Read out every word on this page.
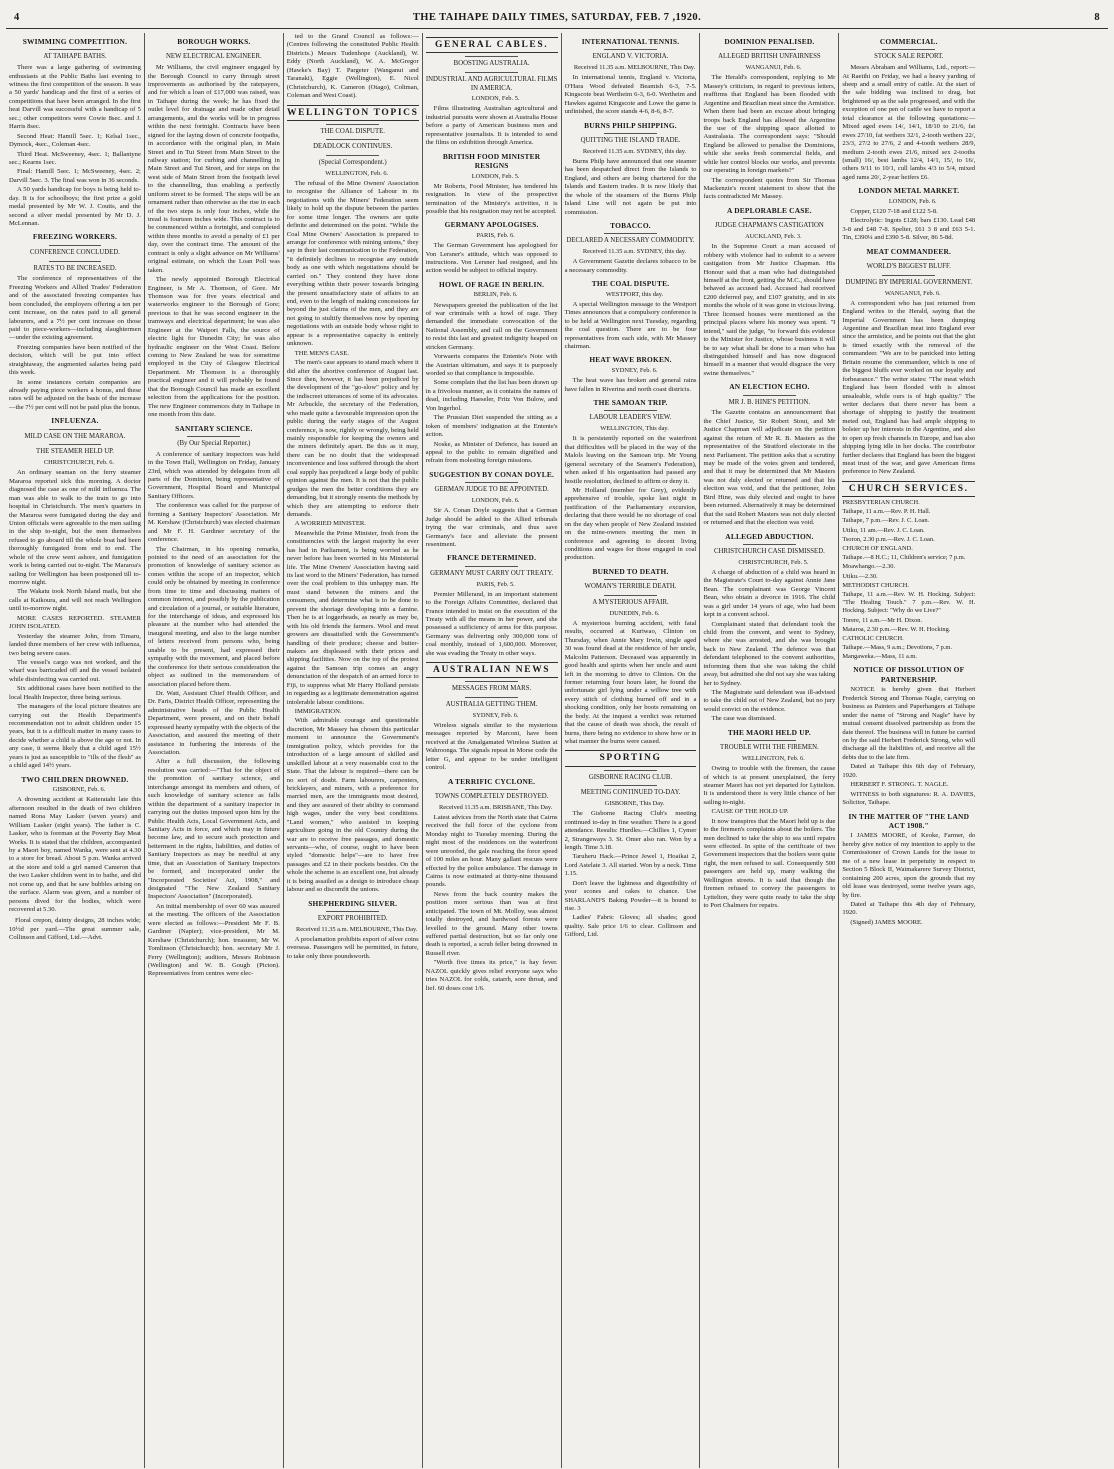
4	THE TAIHAPE DAILY TIMES, SATURDAY, FEB. 7 ,1920.	8
SWIMMING COMPETITION.
AT TAIHAPE BATHS.

There was a large gathering of swimming enthusiasts at the Public Baths last evening to witness the first competition of the season. It was a 50 yards' handicap and the first of a series of competitions that have been arranged. In the first heat Darvill was successful with a handicap of 5 sec.; other competitors were Cowie 8sec. and J. Harris 8sec.

Second Heat: Hamill 5sec. 1; Kelsal 1sec., Dymock, 4sec., Coleman 4sec.

Third Heat. McSweeney, 4sec. 1; Ballantyne sec.; Kearns 1sec.

Final: Hamill 5sec. 1; McSweeney, 4sec. 2; Darvill 5sec. 3. The final was won in 36 seconds.

A 50 yards handicap for boys is being held to-day. It is for schoolboys; the first prize a gold medal presented by Mr W. J. Coutts, and the second a silver medal presented by Mr D. J. McLennan.

FREEZING WORKERS.
CONFERENCE CONCLUDED.
RATES TO BE INCREASED.

The conference of representatives of the Freezing Workers and Allied Trades' Federation and of the associated freezing companies has been concluded, the employers offering a ten per cent increase, on the rates paid to all general labourers, and a 7½ per cent increase on those paid to piece-workers—including slaughtermen—under the existing agreement.

Freezing companies have been notified of the decision, which will be put into effect straightaway, the augmented salaries being paid this week.

In some instances certain companies are already paying piece workers a bonus, and these rates will be adjusted on the basis of the increase—the 7½ per cent will not be paid plus the bonus.

INFLUENZA.
MILD CASE ON THE MARAROA.
THE STEAMER HELD UP.
CHRISTCHURCH, Feb. 6.

An ordinary seaman on the ferry steamer Mararoa reported sick this morning. A doctor diagnosed the case as one of mild influenza. The man was able to walk to the train to go into hospital in Christchurch. The men's quarters in the Mararoa were fumigated during the day and Union officials were agreeable to the men sailing in the ship to-night, but the men themselves refused to go aboard till the whole boat had been thoroughly fumigated from end to end. The whole of the crew went ashore, and fumigation work is being carried out to-night. The Mararoa's sailing for Wellington has been postponed till to-morrow night.

The Wakatu took North Island mails, but she calls at Kaikoura, and will not reach Wellington until to-morrow night.

MORE CASES REPORTED. STEAMER JOHN ISOLATED.

Yesterday the steamer John, from Timaru, landed three members of her crew with influenza, two being severe cases.

The vessel's cargo was not worked, and the wharf was barricaded off and the vessel isolated while disinfecting was carried out.

Six additional cases have been notified to the local Health Inspector, three being serious.

The managers of the local picture theatres are carrying out the Health Department's recommendation not to admit children under 15 years, but it is a difficult matter in many cases to decide whether a child is above the age or not. In any case, it seems likely that a child aged 15½ years is just as susceptible to "ills of the flesh" as a child aged 14½ years.

TWO CHILDREN DROWNED.
GISBORNE, Feb. 6.

A drowning accident at Kaiteratahi late this afternoon resulted in the death of two children named Rona May Lasker (seven years) and William Lasker (eight years). The father is C. Lasker, who is foreman at the Poverty Bay Meat Works. It is stated that the children, accompanied by a Maori boy, named Wanka, were sent at 4.30 to a store for bread. About 5 p.m. Wanka arrived at the store and told a girl named Cameron that the two Lasker children went in to bathe, and did not come up, and that he saw bubbles arising on the surface. Alarm was given, and a number of persons dived for the bodies, which were recovered at 5.30.

Floral crepon, dainty designs, 28 inches wide; 10½d per yard.—The great summer sale, Collinson and Gifford, Ltd.—Advt.
BOROUGH WORKS.
NEW ELECTRICAL ENGINEER.

Mr Williams, the civil engineer engaged by the Borough Council to carry through street improvements as authorised by the ratepayers, and for which a loan of £17,000 was raised, was in Taihape during the week; he has fixed the outlet level for drainage and made other detail arrangements, and the works will be in progress within the next fortnight. Contracts have been signed for the laying down of concrete footpaths, in accordance with the original plan, in Main Street and in Tui Street from Main Street to the railway station; for curbing and channelling in Main Street and Tui Street, and for steps on the west side of Main Street from the footpath level to the channelling, thus enabling a perfectly uniform street to be formed. The steps will be an ornament rather than otherwise as the rise in each of the two steps is only four inches, while the tread is fourteen inches wide. This contract is to be commenced within a fortnight, and completed within three months to avoid a penalty of £1 per day, over the contract time. The amount of the contract is only a slight advance on Mr Williams' original estimate, on which the Loan Poll was taken.

The newly appointed Borough Electrical Engineer, is Mr A. Thomson, of Gore. Mr Thomson was for five years electrical and waterworks engineer to the Borough of Gore; previous to that he was second engineer in the tramways and electrical department; he was also Engineer at the Waipori Falls, the source of electric light for Dunedin City; he was also hydraulic engineer on the West Coast. Before coming to New Zealand he was for sometime employed in the City of Glasgow Electrical Department. Mr Thomson is a thoroughly practical engineer and it will probably be found that the Borough Council has made an excellent selection from the applications for the position. The new Engineer commences duty in Taihape in one month from this date.

SANITARY SCIENCE.
(By Our Special Reporter.)

A conference of sanitary inspectors was held in the Town Hall, Wellington on Friday, January 23rd, which was attended by delegates from all parts of the Dominion, being representative of Government, Hospital Board and Municipal Sanitary Officers.

The conference was called for the purpose of forming a Sanitary Inspectors' Association. Mr M. Kershaw (Christchurch) was elected chairman and Mr F. H. Gardiner secretary of the conference.

The Chairman, in his opening remarks, pointed to the need of an association for the promotion of knowledge of sanitary science as comes within the scope of an inspector, which could only be obtained by meeting in conference from time to time and discussing matters of common interest, and possibly by the publication and circulation of a journal, or suitable literature, for the interchange of ideas, and expressed his pleasure at the number who had attended the inaugural meeting, and also to the large number of letters received from persons who, being unable to be present, had expressed their sympathy with the movement, and placed before the conference for their serious consideration the object as outlined in the memorandum of association placed before them.

Dr. Watt, Assistant Chief Health Officer, and Dr. Faris, District Health Officer, representing the administrative heads of the Public Health Department, were present, and on their behalf expressed hearty sympathy with the objects of the Association, and assured the meeting of their assistance in furthering the interests of the Association.

After a full discussion, the following resolution was carried:—"That for the object of the promotion of sanitary science, and interchange amongst its members and others, of such knowledge of sanitary science as falls within the department of a sanitary inspector in carrying out the duties imposed upon him by the Public Health Acts, Local Government Acts, and Sanitary Acts in force, and which may in future become law, and to secure such protection and betterment in the rights, liabilities, and duties of Sanitary Inspectors as may be needful at any time, that an Association of Sanitary Inspectors be formed, and incorporated under the "Incorporated Societies' Act, 1908," and designated "The New Zealand Sanitary Inspectors' Association" (Incorporated).

An initial membership of over 60 was assured at the meeting. The officers of the Association were elected as follows:—President Mr F. B. Gardiner (Napier); vice-president, Mr M. Kershaw (Christchurch); hon. treasurer, Mr W. Tomlinson (Christchurch); hon. secretary Mr J. Ferry (Wellington); auditors, Messrs Robinson (Wellington) and W. B. Gough (Picton). Representatives from centres were elec-

ted to the Grand Council as follows:—(Centres following the constituted Public Health Districts.) Messrs Tudenhope (Auckland), W. Eddy (North Auckland), W. A. McGregor (Hawke's Bay) T. Pargeter (Wanganui and Taranaki), Eggie (Wellington), E. Nicol (Christchurch), K. Cameron (Otago), Coltman, Coleman and West Coast).

WELLINGTON TOPICS
THE COAL DISPUTE.
DEADLOCK CONTINUES.
(Special Correspondent.)
WELLINGTON, Feb. 6.

The refusal of the Mine Owners' Association to recognise the Alliance of Labour in its negotiations with the Miners' Federation seem likely to hold up the dispute between the parties for some time longer. The owners are quite definite and determined on the point. "While the Coal Mine Owners' Association is prepared to arrange for conference with mining unions," they say in their last communication to the Federation, "it definitely declines to recognise any outside body as one with which negotiations should be carried on." They contend they have done everything within their power towards bringing the present unsatisfactory state of affairs to an end, even to the length of making concessions far beyond the just claims of the men, and they are not going to stultify themselves now by opening negotiations with an outside body whose right to appear is a representative capacity is entirely unknown.

THE MEN'S CASE.

The men's case appears to stand much where it did after the abortive conference of August last. Since then, however, it has been prejudiced by the development of the "go-slow" policy and by the indiscreet utterances of some of its advocates. Mr Arbuckle, the secretary of the Federation, who made quite a favourable impression upon the public during the early stages of the August conference, is now, rightly or wrongly, being held mainly responsible for keeping the owners and the miners definitely apart. Be this as it may, there can be no doubt that the widespread inconvenience and loss suffered through the short coal supply has prejudiced a large body of public opinion against the men. It is not that the public grudges the men the better conditions they are demanding, but it strongly resents the methods by which they are attempting to enforce their demands.

A WORRIED MINISTER.

Meanwhile the Prime Minister, fresh from the constituencies with the largest majority he ever has had in Parliament, is being worried as he never before has been worried in his Ministerial life. The Mine Owners' Association having said its last word to the Miners' Federation, has turned over the coal problem to this unhappy man. He must stand between the miners and the consumers, and determine what is to be done to prevent the shortage developing into a famine. Then he is at loggerheads, as nearly as may be, with his old friends the farmers. Wool and meat growers are dissatisfied with the Government's handling of their produce; cheese and butter-makers are displeased with their prices and shipping facilities. Now on the top of the protest against the Samoan trip comes an angry denunciation of the despatch of an armed force to Fiji, to suppress what Mr Harry Holland persists in regarding as a legitimate demonstration against intolerable labour conditions.

IMMIGRATION.

With admirable courage and questionable discretion, Mr Massey has chosen this particular moment to announce the Government's immigration policy, which provides for the introduction of a large amount of skilled and unskilled labour at a very reasonable cost to the State. That the labour is required—there can be no sort of doubt. Farm labourers, carpenters, bricklayers, and miners, with a preference for married men, are the immigrants most desired, and they are assured of their ability to command high wages, under the very best conditions. "Land women," who assisted in keeping agriculture going in the old Country during the war are to receive free passages, and domestic servants—who, of course, ought to have been styled "domestic helps"—are to have free passages and £2 in their pockets besides. On the whole the scheme is an excellent one, but already it is being assailed as a design to introduce cheap labour and so discomfit the unions.

SHEPHERDING SILVER.
EXPORT PROHIBITED.
Received 11.35 a.m. MELBOURNE, This Day.

A proclamation prohibits export of silver coins overseas. Passengers will be permitted, in future, to take only three poundsworth.

GENERAL CABLES.
BOOSTING AUSTRALIA.
INDUSTRIAL AND AGRICULTURAL FILMS IN AMERICA.
LONDON, Feb. 5.

Films illustrating Australian agricultural and industrial pursuits were shown at Australia House before a party of American business men and representative journalists. It is intended to send the films on exhibition through America.

BRITISH FOOD MINISTER RESIGNS
LONDON, Feb. 5.

Mr Roberts, Food Minister, has tendered his resignation. In view of the prospective termination of the Ministry's activities, it is possible that his resignation may not be accepted.

GERMANY APOLOGISES.
PARIS, Feb. 6.

The German Government has apologised for Von Lersner's attitude, which was opposed to instructions. Von Lersner had resigned, and his action would be subject to official inquiry.

HOWL OF RAGE IN BERLIN.
BERLIN, Feb. 6.

Newspapers greeted the publication of the list of war criminals with a howl of rage. They demanded the immediate convocation of the National Assembly, and call on the Government to resist this last and greatest indignity heaped on stricken Germany.

Vorwaerts compares the Entente's Note with the Austrian ultimatum, and says it is purposely worded so that compliance is impossible.

Some complain that the list has been drawn up in a frivolous manner, as it contains the names of dead, including Haeseler, Fritz Von Bulow, and Von Ingerhol.

The Prussian Diet suspended the sitting as a token of members' indignation at the Entente's action.

Noske, as Minister of Defence, has issued an appeal to the public to remain dignified and refrain from molesting foreign missions.

SUGGESTION BY CONAN DOYLE.
GERMAN JUDGE TO BE APPOINTED.
LONDON, Feb. 6.

Sir A. Conan Doyle suggests that a German Judge should be added to the Allied tribunals trying the war criminals, and thus save Germany's face and alleviate the present resentment.

FRANCE DETERMINED.
GERMANY MUST CARRY OUT TREATY.
PARIS, Feb. 5.

Premier Millerand, in an important statement to the Foreign Affairs Committee, declared that France intended to insist on the execution of the Treaty with all the means in her power, and she possessed a sufficiency of arms for this purpose. Germany was delivering only 300,000 tons of coal monthly, instead of 1,600,000. Moreover, she was evading the Treaty in other ways.

AUSTRALIAN NEWS
MESSAGES FROM MARS.
AUSTRALIA GETTING THEM.
SYDNEY, Feb. 6.

Wireless signals similar to the mysterious messages reported by Marconi, have been received at the Amalgamated Wireless Station at Wahroonga. The signals repeat in Morse code the letter G, and appear to be under intelligent control.

A TERRIFIC CYCLONE.
TOWNS COMPLETELY DESTROYED.
Received 11.35 a.m. BRISBANE, This Day.

Latest advices from the North state that Cairns received the full force of the cyclone from Monday night to Tuesday morning. During the night most of the residences on the waterfront were unroofed, the gale reaching the force speed of 100 miles an hour. Many gallant rescues were effected by the police ambulance. The damage in Cairns is now estimated at thirty-nine thousand pounds.

News from the back country makes the position more serious than was at first anticipated. The town of Mt. Molloy, was almost totally destroyed, and hardwood forests were levelled to the ground. Many other towns suffered partial destruction, but so far only one death is reported, a scrub feller being drowned in Russell river.

"Worth five times its price," is hay fever. NAZOL quickly gives relief everyone says who tries NAZOL for colds, catarrh, sore throat, and lief. 60 doses cost 1/6.

INTERNATIONAL TENNIS.
ENGLAND V. VICTORIA.
Received 11.35 a.m. MELBOURNE, This Day.

In international tennis, England v. Victoria, O'Hara Wood defeated Beamish 6-3, 7-5. Kingscote beat Wertheim 6-3, 6-0. Wertheim and Hawkes against Kingscote and Lowe the game is unfinished, the score stands 4-6, 8-6, 8-7.

BURNS PHILP SHIPPING.
QUITTING THE ISLAND TRADE.
Received 11.35 a.m. SYDNEY, this day.

Burns Philp have announced that one steamer has been despatched direct from the Islands to England, and others are being chartered for the Islands and Eastern trades. It is now likely that the whole of the steamers of the Burns Philp Island Line will not again be put into commission.

TOBACCO.
DECLARED A NECESSARY COMMODITY.
Received 11.35 a.m. SYDNEY, this day.

A Government Gazette declares tobacco to be a necessary commodity.

THE COAL DISPUTE.
WESTPORT, this day.

A special Wellington message to the Westport Times announces that a compulsory conference is to be held at Wellington next Tuesday, regarding the coal question. There are to be four representatives from each side, with Mr Massey chairman.

HEAT WAVE BROKEN.
SYDNEY, Feb. 6.

The heat wave has broken and general rains have fallen in Riverina and north coast districts.

THE SAMOAN TRIP.
LABOUR LEADER'S VIEW.
WELLINGTON, This day.

It is persistently reported on the waterfront that difficulties will be placed in the way of the Malols leaving on the Samoan trip. Mr Young (general secretary of the Seamen's Federation), when asked if his organisation had passed any hostile resolution, declined to affirm or deny it.

Mr Holland (member for Grey), evidently apprehensive of trouble, spoke last night in justification of the Parliamentary excursion, declaring that there would be no shortage of coal on the day when people of New Zealand insisted on the mine-owners meeting the men in conference and agreeing to decent living conditions and wages for those engaged in coal production.

BURNED TO DEATH.
WOMAN'S TERRIBLE DEATH.
A MYSTERIOUS AFFAIR.
DUNEDIN, Feb. 6.

A mysterious burning accident, with fatal results, occurred at Kuriwao, Clinton on Thursday, when Annie Mary Irwin, single aged 30 was found dead at the residence of her uncle, Malcolm Patterson. Deceased was apparently in good health and spirits when her uncle and aunt left in the morning to drive to Clinton. On the former returning four hours later, he found the unfortunate girl lying under a willow tree with every stitch of clothing burned off and in a shocking condition, only her boots remaining on the body. At the inquest a verdict was returned that the cause of death was shock, the result of burns, there being no evidence to show how or in what manner the burns were caused.

SPORTING
GISBORNE RACING CLUB.
MEETING CONTINUED TO-DAY.
GISBORNE, This Day.

The Gisborne Racing Club's meeting continued to-day in fine weather. There is a good attendance. Results: Hurdles.—Chillies 1, Cymer 2, Strangeways 3. St. Omer also ran. Won by a length. Time 3.18.

Taruheru Hack.—Prince Jewel 1, Hoaikai 2, Lord Astelate 3. All started. Won by a neck. Time 1.15.

Don't leave the lightness and digestibility of your scones and cakes to chance. Use SHARLAND'S Baking Powder—it is bound to rise. 3

Ladies' Fabric Gloves; all shades; good quality. Sale price 1/6 to clear. Collinson and Gifford, Ltd.

DOMINION PENALISED.
ALLEGED BRITISH UNFAIRNESS
WANGANUI, Feb. 6.

The Herald's correspondent, replying to Mr Massey's criticism, in regard to previous letters, reaffirms that England has been flooded with Argentine and Brazilian meat since the Armistice. When there had been an excuse about bringing troops back England has allowed the Argentine the use of the shipping space allotted to Australasia. The correspondent says: "Should England be allowed to penalise the Dominions, while she seeks fresh commercial fields, and while her control blocks our works, and prevents our operating in foreign markets?"

The correspondent quotes from Sir Thomas Mackenzie's recent statement to show that the facts contradicted Mr Massey.

A DEPLORABLE CASE.
JUDGE CHAPMAN'S CASTIGATION
AUCKLAND, Feb. 3.

In the Supreme Court a man accused of robbery with violence had to submit to a severe castigation from Mr Justice Chapman. His Honour said that a man who had distinguished himself at the front, getting the M.C., should have behaved as accused had. Accused had received £200 deferred pay, and £107 gratuity, and in six months the whole of it was gone in vicious living. Three licensed houses were mentioned as the principal places where his money was spent. "I intend," said the judge, "to forward this evidence to the Minister for Justice, whose business it will be to say what shall be done to a man who has distinguished himself and has now disgraced himself in a manner that would disgrace the very swine themselves."

AN ELECTION ECHO.
MR J. B. HINE'S PETITION.

The Gazette contains an announcement that the Chief Justice, Sir Robert Stout, and Mr Justice Chapman will adjudicate on the petition against the return of Mr R. B. Masters as the representative of the Stratford electorate in the next Parliament. The petition asks that a scrutiny may be made of the votes given and tendered, and that it may be determined that Mr Masters was not duly elected or returned and that his election was void, and that the petitioner, John Bird Hine, was duly elected and ought to have been returned. Alternatively it may be determined that the said Robert Masters was not duly elected or returned and that the election was void.

ALLEGED ABDUCTION.
CHRISTCHURCH CASE DISMISSED.
CHRISTCHURCH, Feb. 5.

A charge of abduction of a child was heard in the Magistrate's Court to-day against Annie Jane Bean. The complainant was George Vincent Bean, who obtain a divorce in 1916. The child was a girl under 14 years of age, who had been kept in a convent school.

Complainant stated that defendant took the child from the convent, and went to Sydney, where she was arrested, and she was brought back to New Zealand. The defence was that defendant telephoned to the convent authorities, informing them that she was taking the child away, but admitted she did not say she was taking her to Sydney.

The Magistrate said defendant was ill-advised to take the child out of New Zealand, but no jury would convict on the evidence.

The case was dismissed.

THE MAORI HELD UP.
TROUBLE WITH THE FIREMEN.
WELLINGTON, Feb. 6.

Owing to trouble with the firemen, the cause of which is at present unexplained, the ferry steamer Maori has not yet departed for Lyttelton. It is understood there is very little chance of her sailing to-night.

CAUSE OF THE HOLD UP.

It now transpires that the Maori held up is due to the firemen's complaints about the boilers. The men declined to take the ship to sea until repairs were effected. In spite of the certificate of two Government inspectors that the boilers were quite right, the men refused to sail. Consequently 500 passengers are held up, many walking the Wellington streets. It is said that though the firemen refused to convey the passengers to Lyttelton, they were quite ready to take the ship to Port Chalmers for repairs.

COMMERCIAL.
STOCK SALE REPORT.

Messrs Abraham and Williams, Ltd., report:—At Raetihi on Friday, we had a heavy yarding of sheep and a small entry of cattle. At the start of the sale bidding was inclined to drag, but brightened up as the sale progressed, and with the exception of one pen of cattle we have to report a total clearance at the following quotations:—Mixed aged ewes 14/, 14/1, 18/10 to 21/6, fat ewes 27/10, fat wethers 32/1, 2-tooth wethers 22/, 23/3, 27/2 to 27/6, 2 and 4-tooth wethers 28/9, medium 2-tooth ewes 21/6, mixed sex 2-tooths (small) 16/, best lambs 12/4, 14/1, 15/, to 16/, others 9/11 to 10/1, cull lambs 4/3 to 5/4, mixed aged rams 20/, 2-year heifers £6.

LONDON METAL MARKET.
LONDON, Feb. 6.

Copper, £120 7-18 and £122 5-8.

Electrolytic: Ingots £128; bars £130. Lead £48 3-8 and £48 7-8. Spelter, £61 3 8 and £63 5-1. Tin, £390¼ and £390 5-8. Silver, 86 5-8d.

MEAT COMMANDEER.
WORLD'S BIGGEST BLUFF.
DUMPING BY IMPERIAL GOVERNMENT.
WANGANUI, Feb. 6.

A correspondent who has just returned from England writes to the Herald, saying that the Imperial Government has been dumping Argentine and Brazilian meat into England ever since the armistice, and he points out that the glut is timed exactly with the removal of the commandeer. "We are to be panicked into letting Britain resume the commandeer, which is one of the biggest bluffs ever worked on our loyalty and forbearance." The writer states: "The meat which England has been flooded with is almost unsaleable, while ours is of high quality." The writer declares that there never has been a shortage of shipping to justify the treatment meted out, England has had ample shipping to bolster up her interests in the Argentine, and also to open up fresh channels in Europe, and has also shipping lying idle in her docks. The contributor further declares that England has been the biggest meat trust of the war, and gave American firms preference to New Zealand.

CHURCH SERVICES.
PRESBYTERIAN CHURCH.
Taihape, 11 a.m.—Rev. P. H. Hall.
Taihape, 7 p.m.—Rev. J. C. Loan.
Utiku, 11 am.—Rev. J. C. Loan.
Tsoron, 2.30 p.m.—Rev. J. C. Loan.
CHURCH OF ENGLAND.
Taihape.—8 H.C.; 11, Children's service; 7 p.m.
Moawhango.—2.30.
Utiku.—2.30.
METHODIST CHURCH.
Taihape, 11 a.m.—Rev. W. H. Hocking. Subject: "The Healing Touch." 7 p.m.—Rev. W. H. Hocking. Subject: "Why do we Live?"
Torere, 11 a.m.—Mr H. Dixon.
Mataroa, 2.30 p.m.—Rev. W. H. Hocking.
CATHOLIC CHURCH.
Taihape.—Mass, 9 a.m.; Devotions, 7 p.m.
Mangaweka.—Mass, 11 a.m.
NOTICE OF DISSOLUTION OF PARTNERSHIP.

NOTICE is hereby given that Herbert Frederick Strong and Thomas Nagle, carrying on business as Painters and Paperhangers at Taihape under the name of "Strong and Nagle" have by mutual consent dissolved partnership as from the date thereof. The business will in future be carried on by the said Herbert Frederick Strong, who will discharge all the liabilities of, and receive all the debts due to the late firm.

Dated at Taihape this 6th day of February, 1920.

HERBERT F. STRONG. T. NAGLE.

WITNESS to both signatures: R. A. DAVIES, Solicitor, Taihape.

IN THE MATTER OF "THE LAND ACT 1908."

I JAMES MOORE, of Keoke, Farmer, do hereby give notice of my intention to apply to the Commissioner of Crown Lands for the issue to me of a new lease in perpetuity in respect to Section 5 Block II, Waimakarere Survey District, containing 200 acres, upon the grounds that my old lease was destroyed, some twelve years ago, by fire.

Dated at Taihape this 4th day of February, 1920.

(Signed) JAMES MOORE.
